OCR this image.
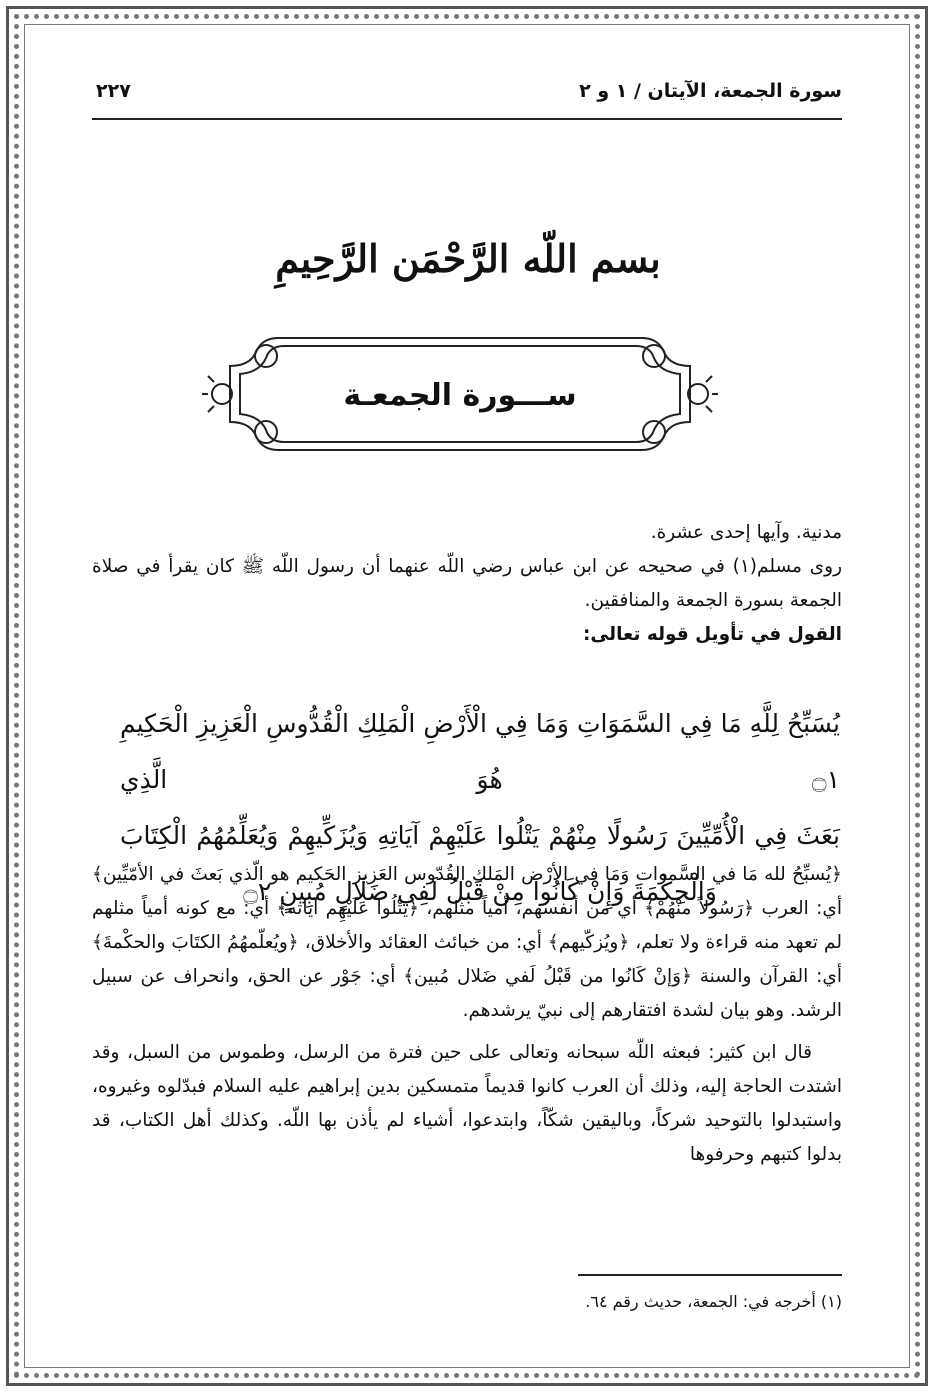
سورة الجمعة، الآيتان / ١ و ٢
٢٢٧
بسم اللّه الرَّحْمَن الرَّحِيمِ
ســـورة الجمعـة

مدنية. وآيها إحدى عشرة.

روى مسلم(١) في صحيحه عن ابن عباس رضي اللّه عنهما أن رسول اللّه ﷺ كان يقرأ في صلاة الجمعة بسورة الجمعة والمنافقين.

القول في تأويل قوله تعالى:

يُسَبِّحُ لِلَّهِ مَا فِي السَّمَوَاتِ وَمَا فِي الْأَرْضِ الْمَلِكِ الْقُدُّوسِ الْعَزِيزِ الْحَكِيمِ ۝١ هُوَ الَّذِي
بَعَثَ فِي الْأُمِّيِّينَ رَسُولًا مِنْهُمْ يَتْلُوا عَلَيْهِمْ آيَاتِهِ وَيُزَكِّيهِمْ وَيُعَلِّمُهُمُ الْكِتَابَ
وَالْحِكْمَةَ وَإِنْ كَانُوا مِنْ قَبْلُ لَفِي ضَلَالٍ مُبِينٍ ۝٢

﴿يُسبِّحُ لله مَا في السَّموات وَمَا في الأرْض المَلك القُدّوس العَزيز الحَكيم هو الّذي بَعثَ في الأمّيِّين﴾ أي: العرب ﴿رَسُولاً منْهُمْ﴾ أي من أنفسهم، أمياً مثلهم، ﴿يتْلُوا عَلَيْهِم آياته﴾ أي: مع كونه أمياً مثلهم لم تعهد منه قراءة ولا تعلم، ﴿ويُزكّيهم﴾ أي: من خبائث العقائد والأخلاق، ﴿ويُعلّمهُمُ الكتَابَ والحكْمةَ﴾ أي: القرآن والسنة ﴿وَإنْ كَانُوا من قَبْلُ لَفي ضَلال مُبين﴾ أي: جَوْر عن الحق، وانحراف عن سبيل الرشد. وهو بيان لشدة افتقارهم إلى نبيّ يرشدهم.

قال ابن كثير: فبعثه اللّه سبحانه وتعالى على حين فترة من الرسل، وطموس من السبل، وقد اشتدت الحاجة إليه، وذلك أن العرب كانوا قديماً متمسكين بدين إبراهيم عليه السلام فبدّلوه وغيروه، واستبدلوا بالتوحيد شركاً، وباليقين شكّاً، وابتدعوا، أشياء لم يأذن بها اللّه. وكذلك أهل الكتاب، قد بدلوا كتبهم وحرفوها

(١) أخرجه في: الجمعة، حديث رقم ٦٤.
